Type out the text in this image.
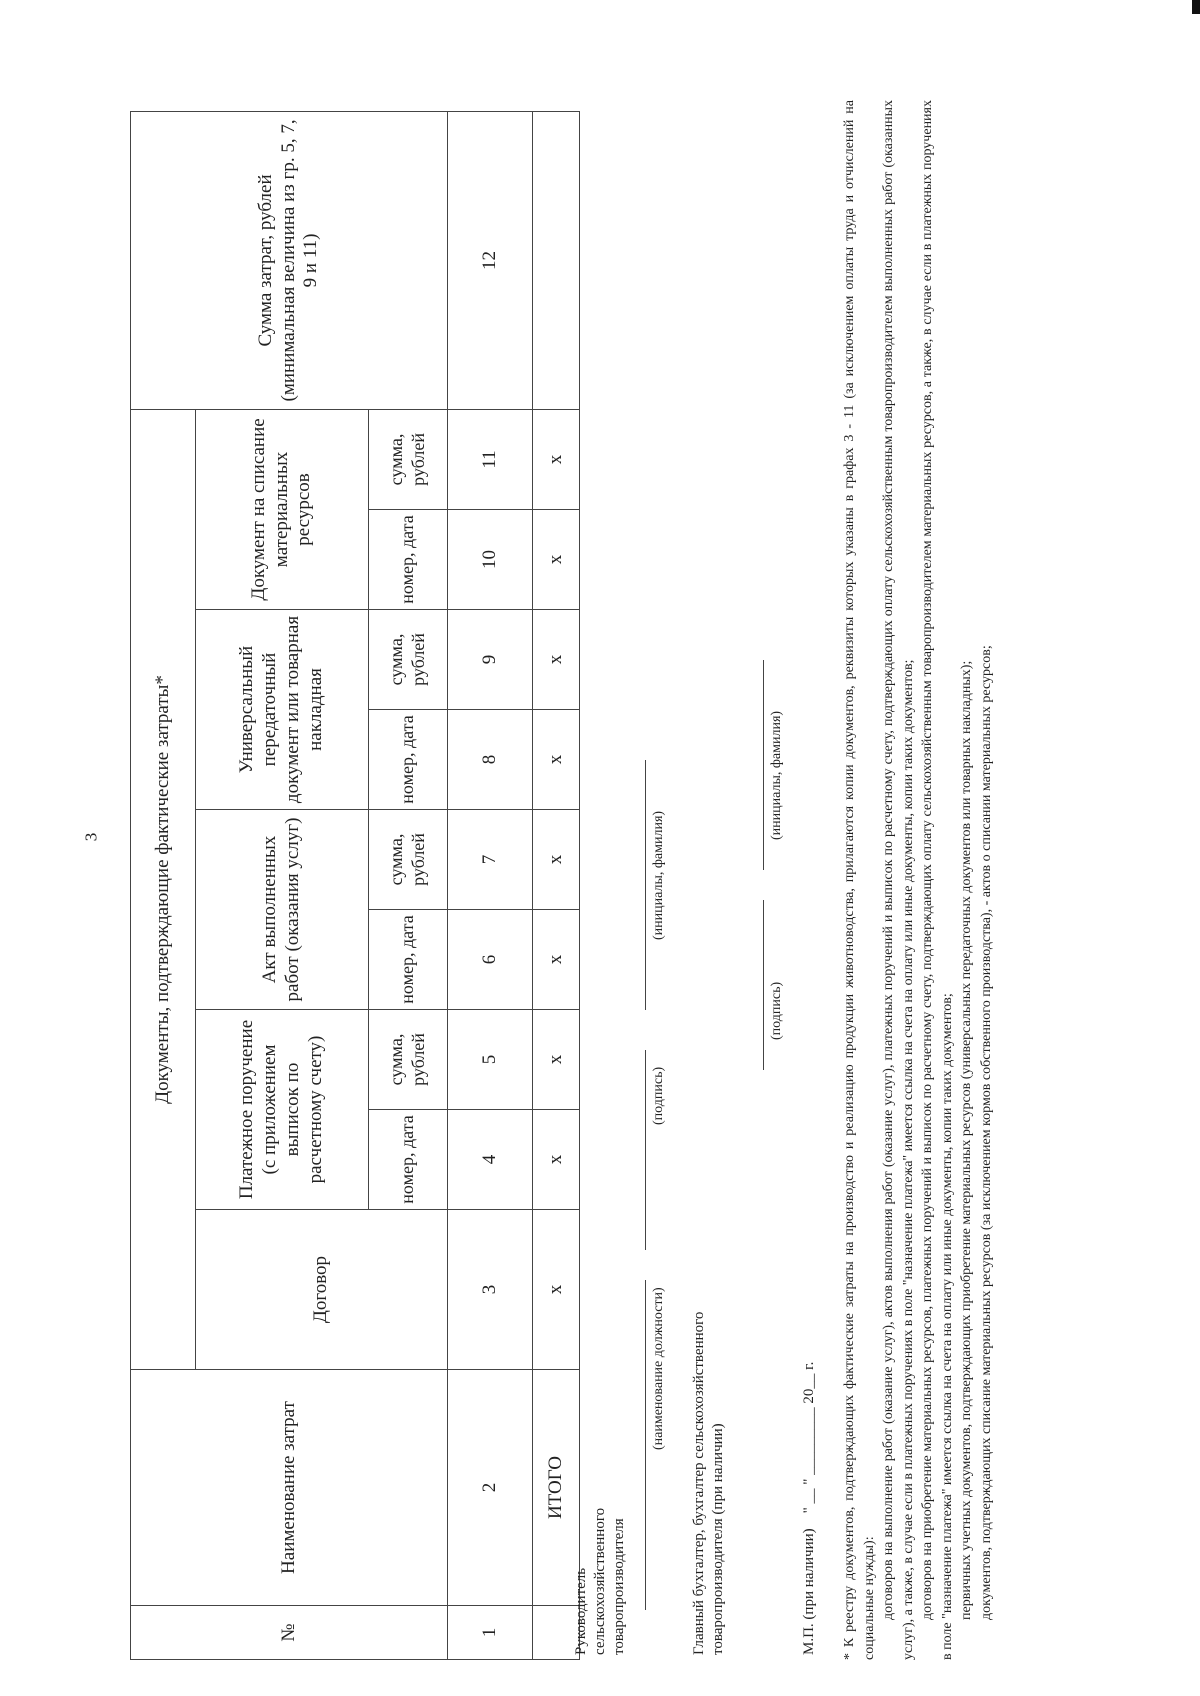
3
№	Наименование затрат	Документы, подтверждающие фактические затраты*									Сумма затрат, рублей (минимальная величина из гр. 5, 7, 9 и 11)
		Договор	Платежное поручение (с приложением выписок по расчетному счету)		Акт выполненных работ (оказания услуг)		Универсальный передаточный документ или товарная накладная		Документ на списание материальных ресурсов		
			номер, дата	сумма, рублей	номер, дата	сумма, рублей	номер, дата	сумма, рублей	номер, дата	сумма, рублей	
1	2	3	4	5	6	7	8	9	10	11	12
	ИТОГО	x	x	x	x	x	x	x	x	x	
Руководитель сельскохозяйственного товаропроизводителя
(наименование должности)
(подпись)
(инициалы, фамилия)
Главный бухгалтер, бухгалтер сельскохозяйственного товаропроизводителя (при наличии)
(подпись)
(инициалы, фамилия)
М.П. (при наличии)    " __ " _________ 20__ г. * К реестру документов, подтверждающих фактические затраты на производство и реализацию продукции животноводства, прилагаются копии документов, реквизиты которых указаны в графах 3 - 11 (за исключением оплаты труда и отчислений на социальные нужды): договоров на выполнение работ (оказание услуг), актов выполнения работ (оказание услуг), платежных поручений и выписок по расчетному счету, подтверждающих оплату сельскохозяйственным товаропроизводителем выполненных работ (оказанных услуг), а также, в случае если в платежных поручениях в поле "назначение платежа" имеется ссылка на счета на оплату или иные документы, копии таких документов; договоров на приобретение материальных ресурсов, платежных поручений и выписок по расчетному счету, подтверждающих оплату сельскохозяйственным товаропроизводителем материальных ресурсов, а также, в случае если в платежных поручениях в поле "назначение платежа" имеется ссылка на счета на оплату или иные документы, копии таких документов; первичных учетных документов, подтверждающих приобретение материальных ресурсов (универсальных передаточных документов или товарных накладных); документов, подтверждающих списание материальных ресурсов (за исключением кормов собственного производства), - актов о списании материальных ресурсов;
